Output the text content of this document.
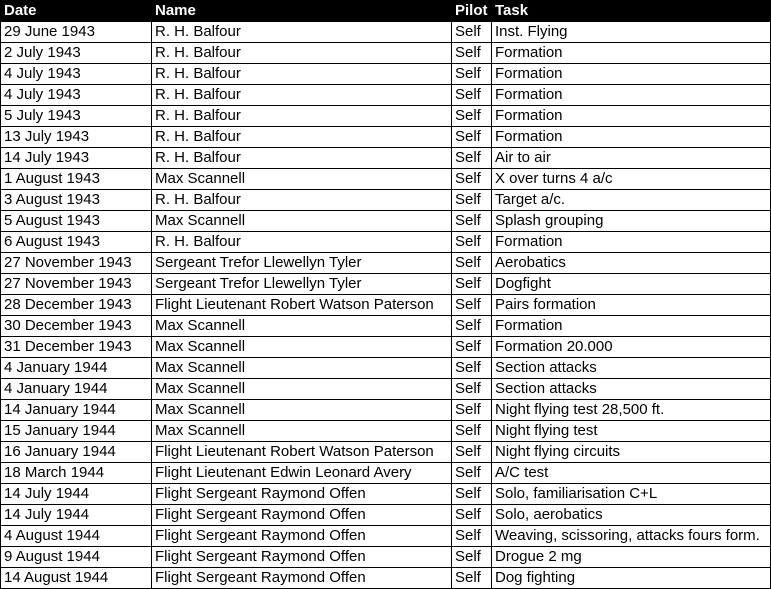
Date	Name	Pilot	Task
29 June 1943	R. H. Balfour	Self	Inst. Flying
2 July 1943	R. H. Balfour	Self	Formation
4 July 1943	R. H. Balfour	Self	Formation
4 July 1943	R. H. Balfour	Self	Formation
5 July 1943	R. H. Balfour	Self	Formation
13 July 1943	R. H. Balfour	Self	Formation
14 July 1943	R. H. Balfour	Self	Air to air
1 August 1943	Max Scannell	Self	X over turns 4 a/c
3 August 1943	R. H. Balfour	Self	Target a/c.
5 August 1943	Max Scannell	Self	Splash grouping
6 August 1943	R. H. Balfour	Self	Formation
27 November 1943	Sergeant Trefor Llewellyn Tyler	Self	Aerobatics
27 November 1943	Sergeant Trefor Llewellyn Tyler	Self	Dogfight
28 December 1943	Flight Lieutenant Robert Watson Paterson	Self	Pairs formation
30 December 1943	Max Scannell	Self	Formation
31 December 1943	Max Scannell	Self	Formation 20.000
4 January 1944	Max Scannell	Self	Section attacks
4 January 1944	Max Scannell	Self	Section attacks
14 January 1944	Max Scannell	Self	Night flying test 28,500 ft.
15 January 1944	Max Scannell	Self	Night flying test
16 January 1944	Flight Lieutenant Robert Watson Paterson	Self	Night flying circuits
18 March 1944	Flight Lieutenant Edwin Leonard Avery	Self	A/C test
14 July 1944	Flight Sergeant Raymond Offen	Self	Solo, familiarisation C+L
14 July 1944	Flight Sergeant Raymond Offen	Self	Solo, aerobatics
4 August 1944	Flight Sergeant Raymond Offen	Self	Weaving, scissoring, attacks fours form.
9 August 1944	Flight Sergeant Raymond Offen	Self	Drogue 2 mg
14 August 1944	Flight Sergeant Raymond Offen	Self	Dog fighting
